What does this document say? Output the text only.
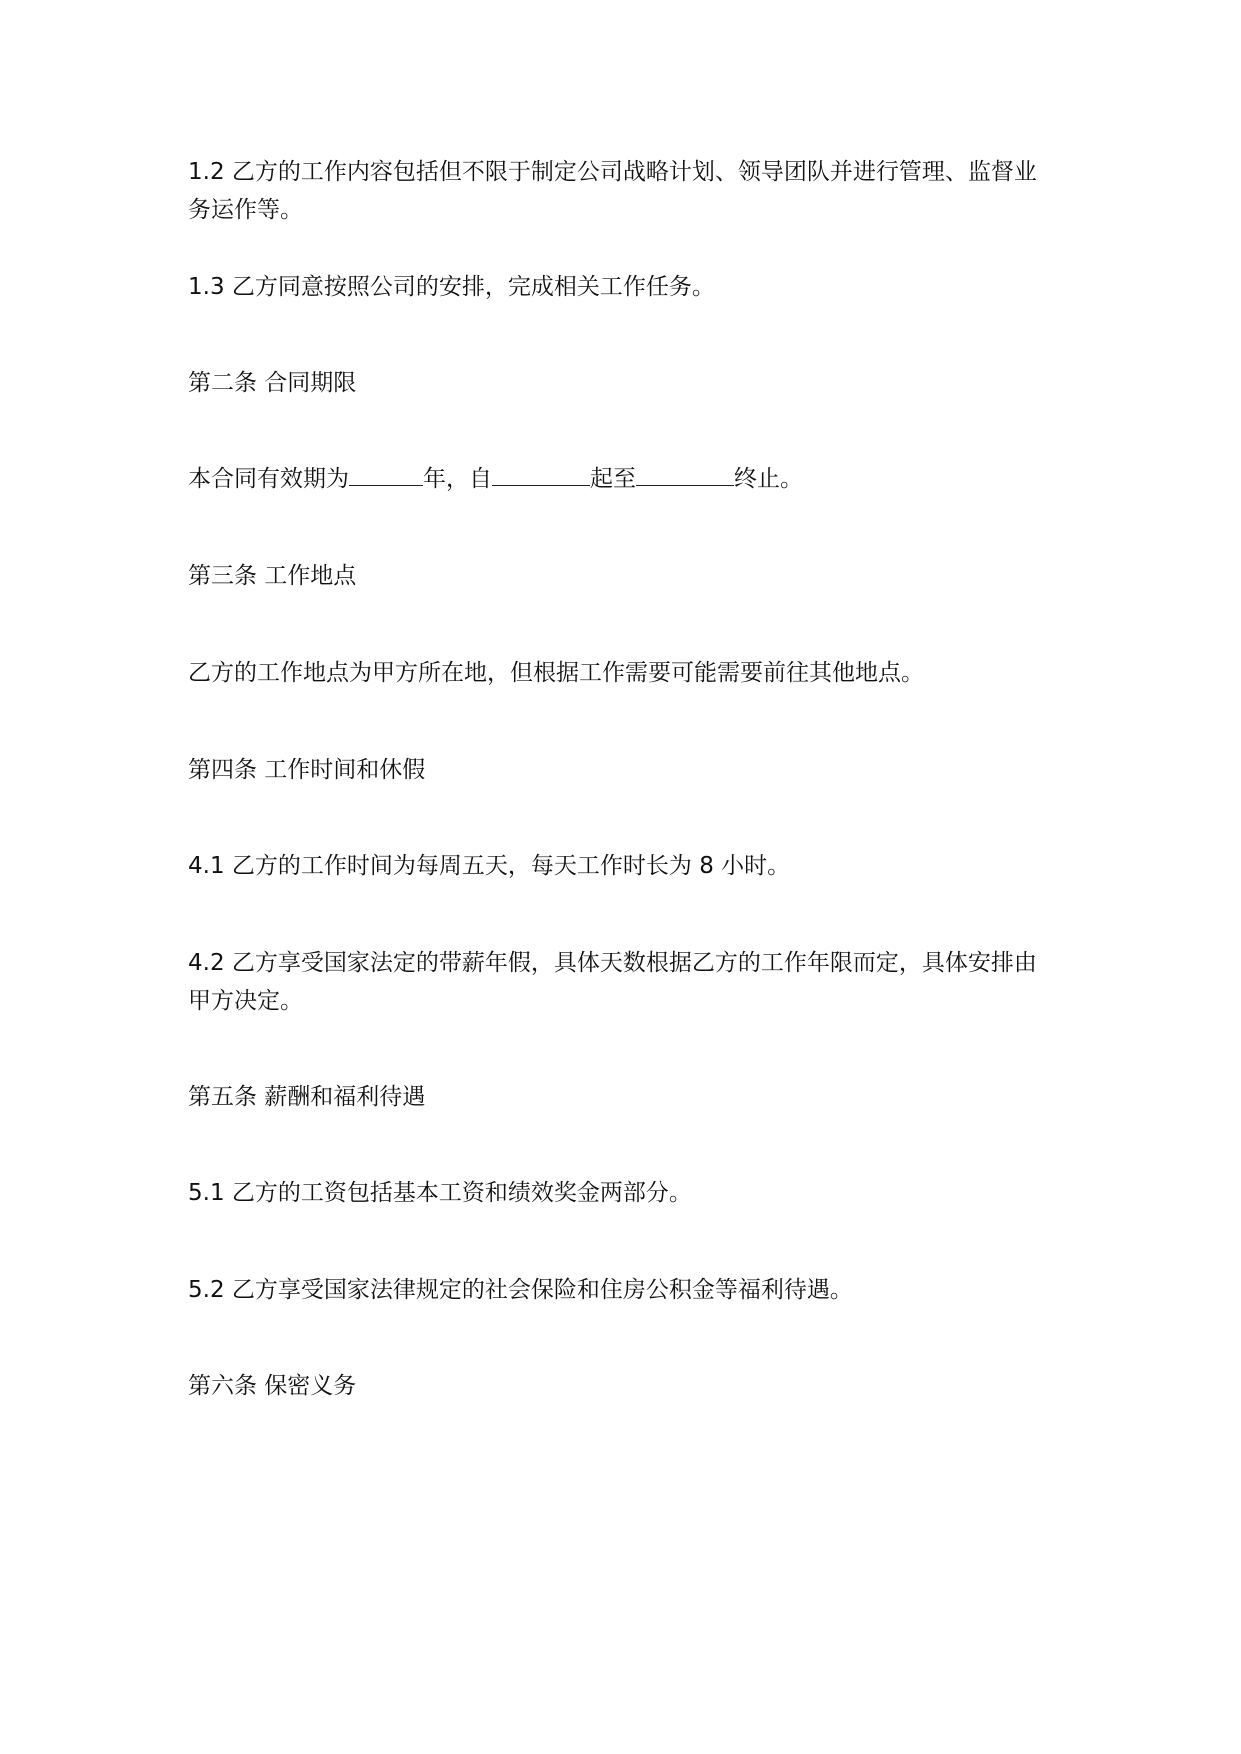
1.2 乙方的工作内容包括但不限于制定公司战略计划、领导团队并进行管理、监督业务运作等。

1.3 乙方同意按照公司的安排，完成相关工作任务。

第二条 合同期限

本合同有效期为	年，自	起至	终止。

第三条 工作地点

乙方的工作地点为甲方所在地，但根据工作需要可能需要前往其他地点。

第四条 工作时间和休假

4.1 乙方的工作时间为每周五天，每天工作时长为 8 小时。

4.2 乙方享受国家法定的带薪年假，具体天数根据乙方的工作年限而定，具体安排由甲方决定。

第五条 薪酬和福利待遇

5.1 乙方的工资包括基本工资和绩效奖金两部分。

5.2 乙方享受国家法律规定的社会保险和住房公积金等福利待遇。

第六条 保密义务
